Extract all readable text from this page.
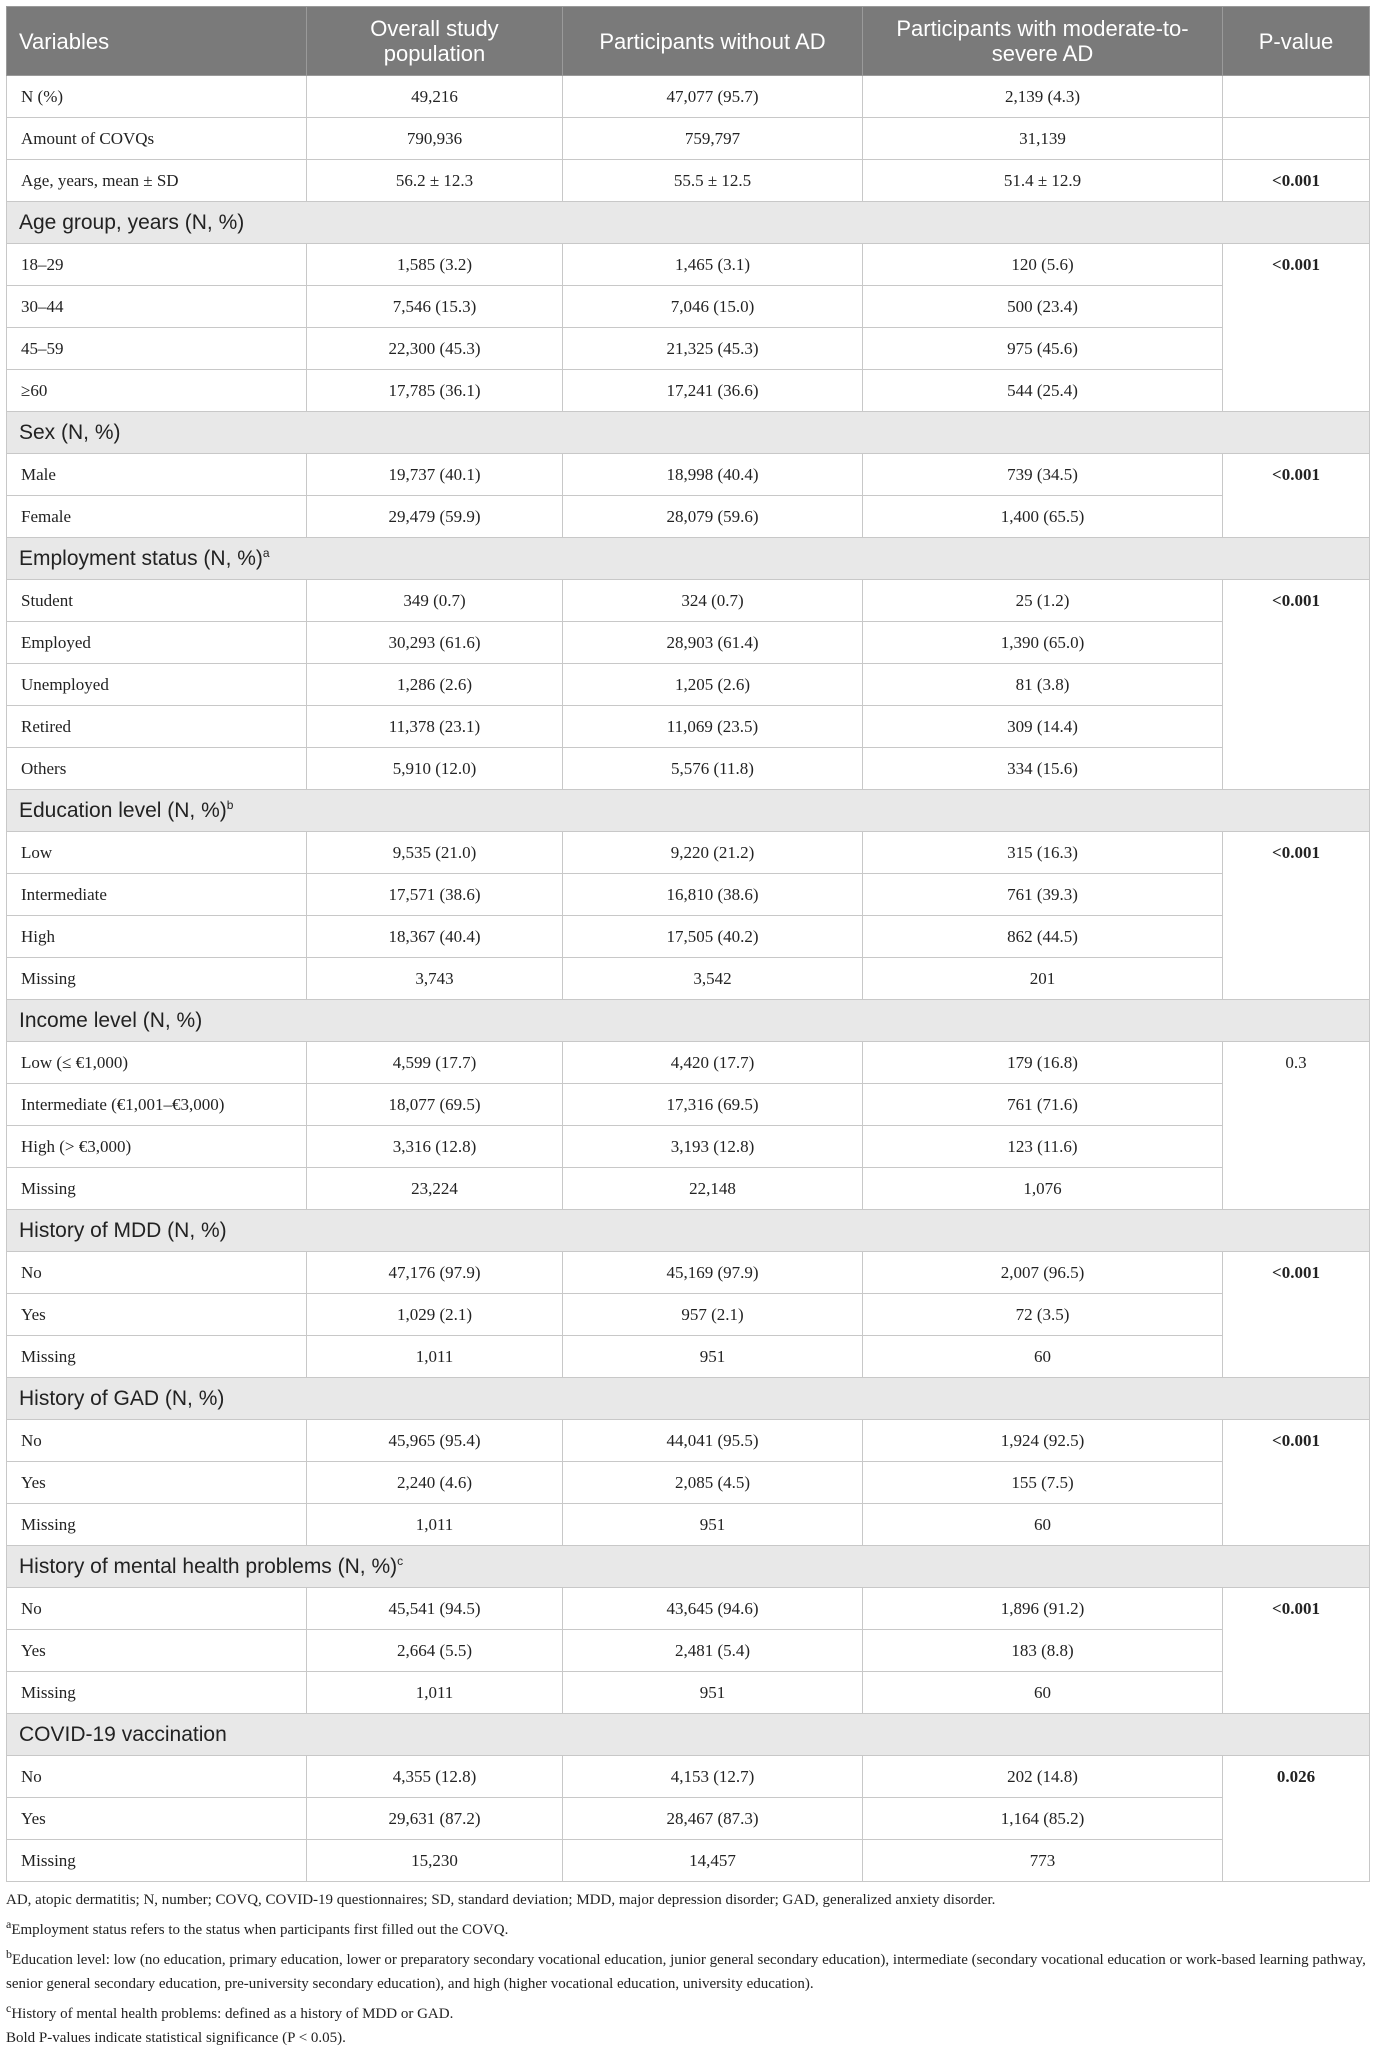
Variables	Overall study population	Participants without AD	Participants with moderate-to-severe AD	P-value
N (%)	49,216	47,077 (95.7)	2,139 (4.3)	
Amount of COVQs	790,936	759,797	31,139	
Age, years, mean ± SD	56.2 ± 12.3	55.5 ± 12.5	51.4 ± 12.9	<0.001
Age group, years (N, %)				
18–29	1,585 (3.2)	1,465 (3.1)	120 (5.6)	<0.001
30–44	7,546 (15.3)	7,046 (15.0)	500 (23.4)	
45–59	22,300 (45.3)	21,325 (45.3)	975 (45.6)	
≥60	17,785 (36.1)	17,241 (36.6)	544 (25.4)	
Sex (N, %)				
Male	19,737 (40.1)	18,998 (40.4)	739 (34.5)	<0.001
Female	29,479 (59.9)	28,079 (59.6)	1,400 (65.5)	
Employment status (N, %)$^a$
Student	349 (0.7)	324 (0.7)	25 (1.2)	<0.001
Employed	30,293 (61.6)	28,903 (61.4)	1,390 (65.0)	
Unemployed	1,286 (2.6)	1,205 (2.6)	81 (3.8)	
Retired	11,378 (23.1)	11,069 (23.5)	309 (14.4)	
Others	5,910 (12.0)	5,576 (11.8)	334 (15.6)	
Education level (N, %)$^b$
Low	9,535 (21.0)	9,220 (21.2)	315 (16.3)	<0.001
Intermediate	17,571 (38.6)	16,810 (38.6)	761 (39.3)	
High	18,367 (40.4)	17,505 (40.2)	862 (44.5)	
Missing	3,743	3,542	201	
Income level (N, %)				
Low (≤ €1,000)	4,599 (17.7)	4,420 (17.7)	179 (16.8)	0.3
Intermediate (€1,001–€3,000)	18,077 (69.5)	17,316 (69.5)	761 (71.6)	
High (> €3,000)	3,316 (12.8)	3,193 (12.8)	123 (11.6)	
Missing	23,224	22,148	1,076	
History of MDD (N, %)				
No	47,176 (97.9)	45,169 (97.9)	2,007 (96.5)	<0.001
Yes	1,029 (2.1)	957 (2.1)	72 (3.5)	
Missing	1,011	951	60	
History of GAD (N, %)				
No	45,965 (95.4)	44,041 (95.5)	1,924 (92.5)	<0.001
Yes	2,240 (4.6)	2,085 (4.5)	155 (7.5)	
Missing	1,011	951	60	
History of mental health problems (N, %)$^c$
No	45,541 (94.5)	43,645 (94.6)	1,896 (91.2)	<0.001
Yes	2,664 (5.5)	2,481 (5.4)	183 (8.8)	
Missing	1,011	951	60	
COVID-19 vaccination				
No	4,355 (12.8)	4,153 (12.7)	202 (14.8)	0.026
Yes	29,631 (87.2)	28,467 (87.3)	1,164 (85.2)	
Missing	15,230	14,457	773	

AD, atopic dermatitis; N, number; COVQ, COVID-19 questionnaires; SD, standard deviation; MDD, major depression disorder; GAD, generalized anxiety disorder.

$^a$Employment status refers to the status when participants first filled out the COVQ.

$^b$Education level: low (no education, primary education, lower or preparatory secondary vocational education, junior general secondary education), intermediate (secondary vocational education or work-based learning pathway, senior general secondary education, pre-university secondary education), and high (higher vocational education, university education).

$^c$History of mental health problems: defined as a history of MDD or GAD.

Bold P-values indicate statistical significance (P < 0.05).
